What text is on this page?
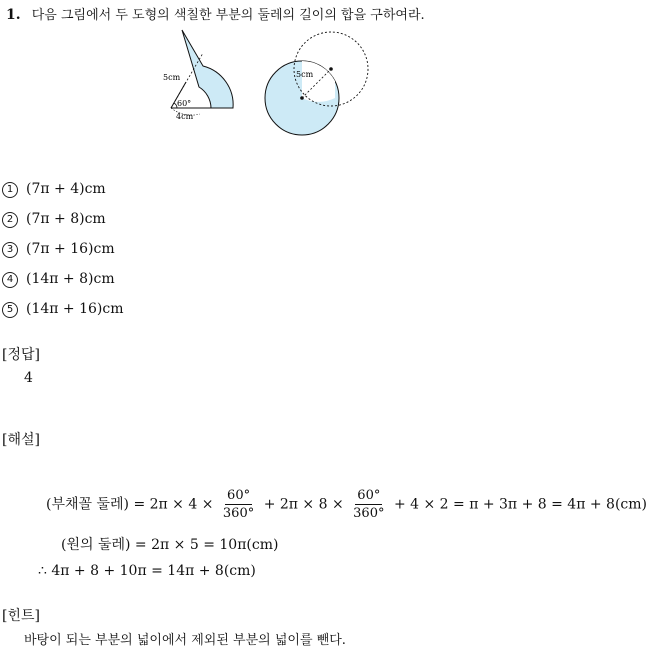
1. 다음 그림에서 두 도형의 색칠한 부분의 둘레의 길이의 합을 구하여라.
5cm
60°
4cm
5cm
1 (7π + 4)cm
2 (7π + 8)cm
3 (7π + 16)cm
4 (14π + 8)cm
5 (14π + 16)cm
[정답]
4
[해설]
(부채꼴 둘레) = $2\pi \times 4 \times \frac{60^\circ}{360^\circ} + 2\pi \times 8 \times \frac{60^\circ}{360^\circ} + 4 \times 2 = \pi + 3\pi + 8 = 4\pi + 8(cm)$
(원의 둘레) = 2π × 5 = 10π(cm)
∴ 4π + 8 + 10π = 14π + 8(cm)
[힌트]
바탕이 되는 부분의 넓이에서 제외된 부분의 넓이를 뺀다.
